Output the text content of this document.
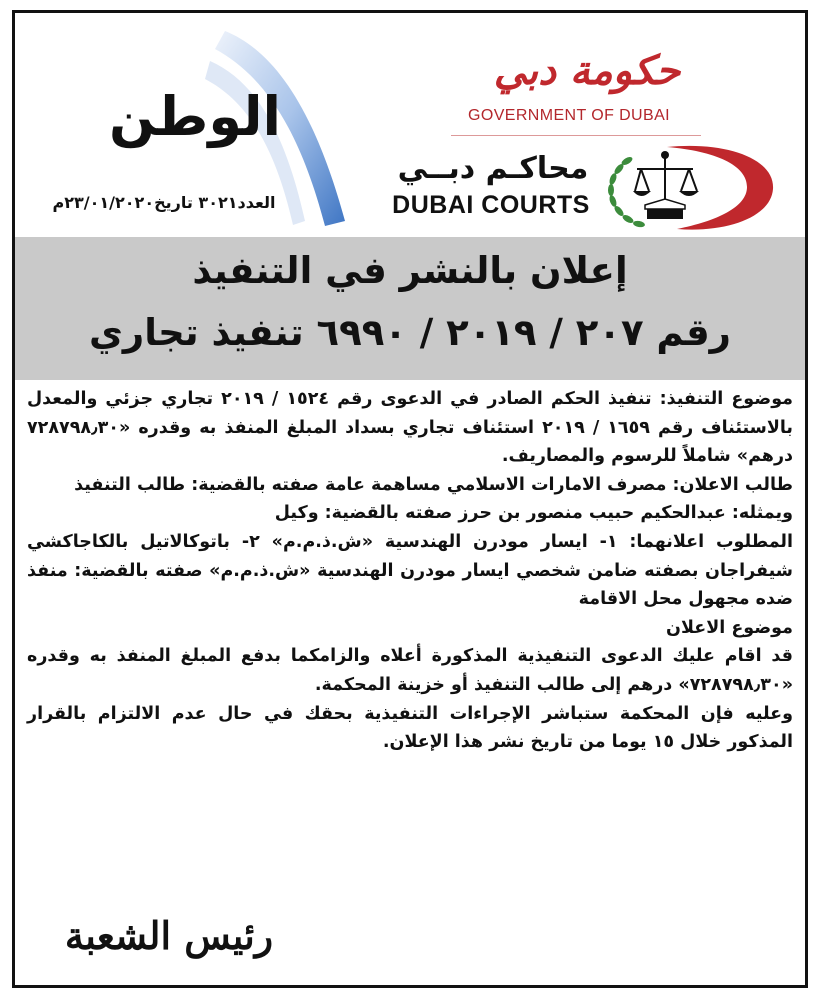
الوطن
العدد٣٠٢١ تاريخ٢٣/٠١/٢٠٢٠م
حكومة دبي
GOVERNMENT OF DUBAI
محاكـم دبــي
DUBAI COURTS
إعلان بالنشر في التنفيذ
رقم ٢٠٧ / ٢٠١٩ / ٦٩٩٠ تنفيذ تجاري

موضوع التنفيذ: تنفيذ الحكم الصادر في الدعوى رقم ١٥٢٤ / ٢٠١٩ تجاري جزئي والمعدل بالاستئناف رقم ١٦٥٩ / ٢٠١٩ استئناف تجاري بسداد المبلغ المنفذ به وقدره «٧٢٨٧٩٨٫٣٠ درهم» شاملاً للرسوم والمصاريف.

طالب الاعلان: مصرف الامارات الاسلامي مساهمة عامة صفته بالقضية: طالب التنفيذ

ويمثله: عبدالحكيم حبيب منصور بن حرز صفته بالقضية: وكيل

المطلوب اعلانهما: ١- ايسار مودرن الهندسية «ش.ذ.م.م» ٢- باتوكالاتيل بالكاجاكشي شيفراجان بصفته ضامن شخصي ايسار مودرن الهندسية «ش.ذ.م.م» صفته بالقضية: منفذ ضده مجهول محل الاقامة

موضوع الاعلان

قد اقام عليك الدعوى التنفيذية المذكورة أعلاه والزامكما بدفع المبلغ المنفذ به وقدره «٧٢٨٧٩٨٫٣٠» درهم إلى طالب التنفيذ أو خزينة المحكمة.

وعليه فإن المحكمة ستباشر الإجراءات التنفيذية بحقك في حال عدم الالتزام بالقرار المذكور خلال ١٥ يوما من تاريخ نشر هذا الإعلان.

رئيس الشعبة
